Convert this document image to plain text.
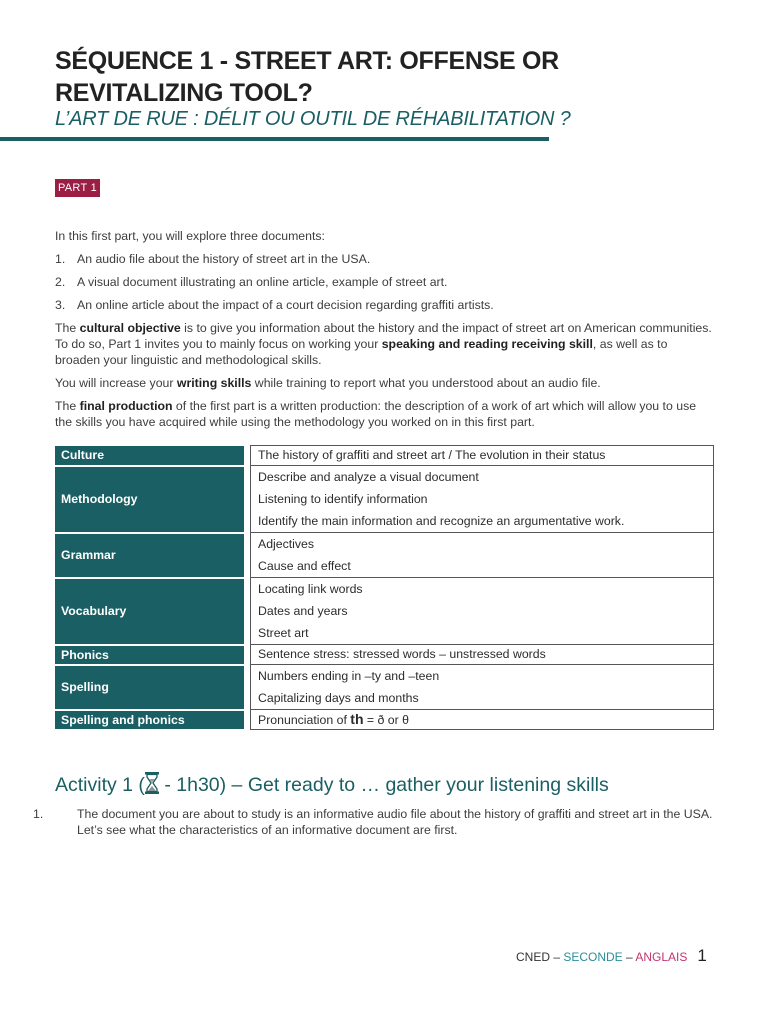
SÉQUENCE 1 - STREET ART: OFFENSE OR
REVITALIZING TOOL?
L’ART DE RUE : DÉLIT OU OUTIL DE RÉHABILITATION ?
PART 1
In this first part, you will explore three documents:
1. An audio file about the history of street art in the USA.
2. A visual document illustrating an online article, example of street art.
3. An online article about the impact of a court decision regarding graffiti artists.
The cultural objective is to give you information about the history and the impact of street art on American communities. To do so, Part 1 invites you to mainly focus on working your speaking and reading receiving skill, as well as to broaden your linguistic and methodological skills.
You will increase your writing skills while training to report what you understood about an audio file.
The final production of the first part is a written production: the description of a work of art which will allow you to use the skills you have acquired while using the methodology you worked on in this first part.
Culture		The history of graffiti and street art / The evolution in their status

Methodology		Describe and analyze a visual document
Listening to identify information
Identify the main information and recognize an argumentative work.

Grammar		Adjectives
Cause and effect

Vocabulary		Locating link words
Dates and years
Street art

Phonics		Sentence stress: stressed words – unstressed words

Spelling		Numbers ending in –ty and –teen
Capitalizing days and months

Spelling and phonics		Pronunciation of th = ð or θ
Activity 1 ( - 1h30) – Get ready to … gather your listening skills
1.	The document you are about to study is an informative audio file about the history of graffiti and street art in the USA. Let’s see what the characteristics of an informative document are first.
CNED – SECONDE – ANGLAIS 1
